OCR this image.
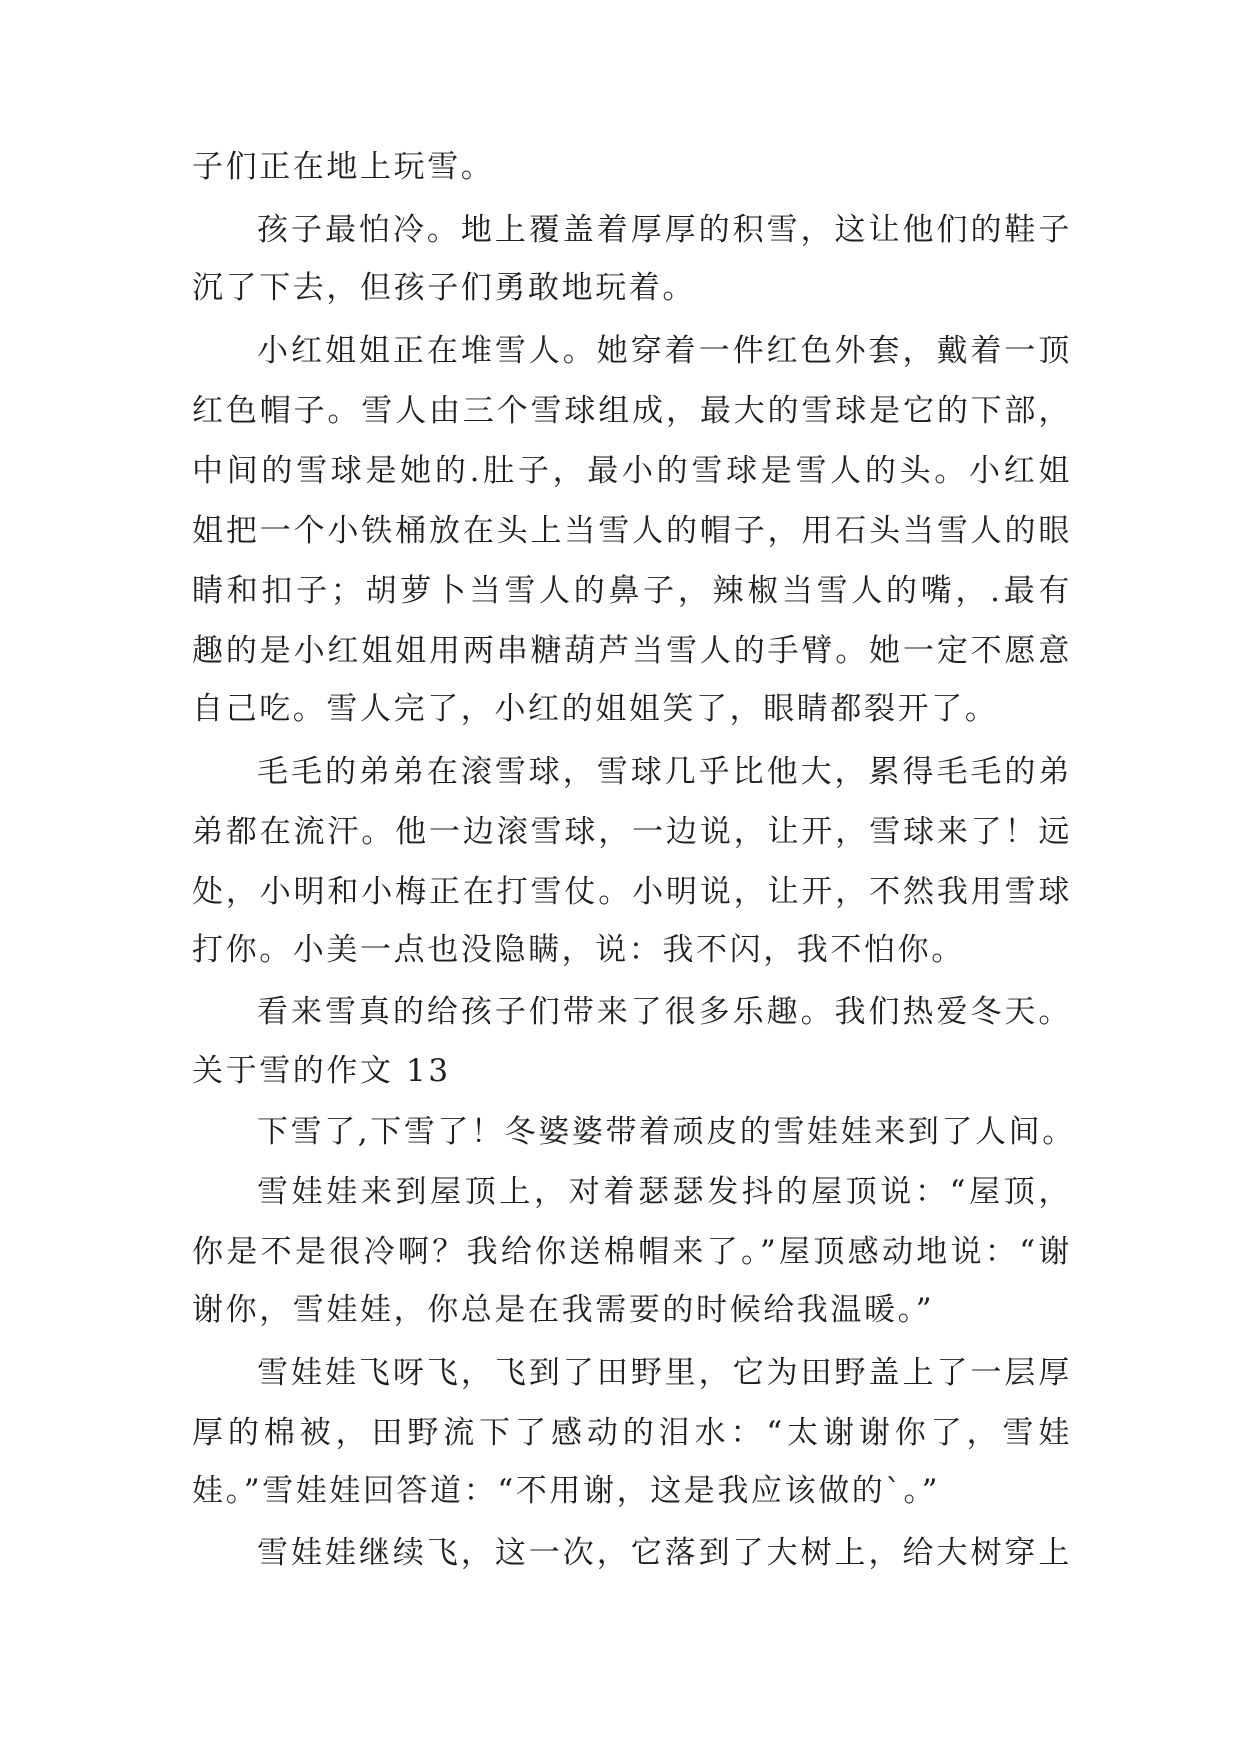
子们正在地上玩雪。
孩子最怕冷。地上覆盖着厚厚的积雪，这让他们的鞋子
沉了下去，但孩子们勇敢地玩着。
小红姐姐正在堆雪人。她穿着一件红色外套，戴着一顶
红色帽子。雪人由三个雪球组成，最大的雪球是它的下部，
中间的雪球是她的.肚子，最小的雪球是雪人的头。小红姐
姐把一个小铁桶放在头上当雪人的帽子，用石头当雪人的眼
睛和扣子；胡萝卜当雪人的鼻子，辣椒当雪人的嘴，.最有
趣的是小红姐姐用两串糖葫芦当雪人的手臂。她一定不愿意
自己吃。雪人完了，小红的姐姐笑了，眼睛都裂开了。
毛毛的弟弟在滚雪球，雪球几乎比他大，累得毛毛的弟
弟都在流汗。他一边滚雪球，一边说，让开，雪球来了！远
处，小明和小梅正在打雪仗。小明说，让开，不然我用雪球
打你。小美一点也没隐瞒，说：我不闪，我不怕你。
看来雪真的给孩子们带来了很多乐趣。我们热爱冬天。
关于雪的作文 13
下雪了,下雪了！冬婆婆带着顽皮的雪娃娃来到了人间。
雪娃娃来到屋顶上，对着瑟瑟发抖的屋顶说：“屋顶，
你是不是很冷啊？我给你送棉帽来了。”屋顶感动地说：“谢
谢你，雪娃娃，你总是在我需要的时候给我温暖。”
雪娃娃飞呀飞，飞到了田野里，它为田野盖上了一层厚
厚的棉被，田野流下了感动的泪水：“太谢谢你了，雪娃
娃。”雪娃娃回答道：“不用谢，这是我应该做的`。”
雪娃娃继续飞，这一次，它落到了大树上，给大树穿上
